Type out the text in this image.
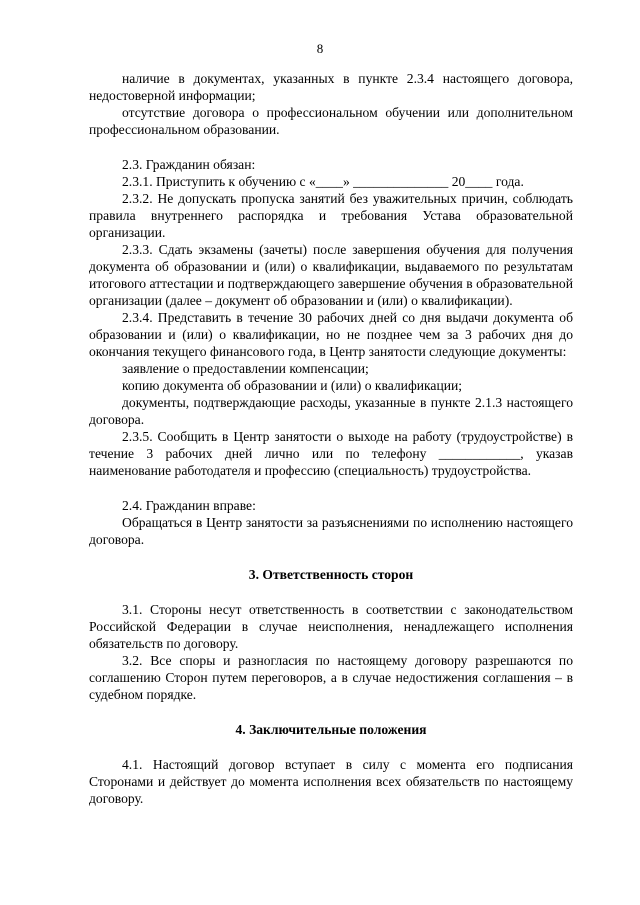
8

наличие в документах, указанных в пункте 2.3.4 настоящего договора, недостоверной информации;

отсутствие договора о профессиональном обучении или дополнительном профессиональном образовании.

2.3. Гражданин обязан:

2.3.1. Приступить к обучению с «____» ______________ 20____ года.

2.3.2. Не допускать пропуска занятий без уважительных причин, соблюдать правила внутреннего распорядка и требования Устава образовательной организации.

2.3.3. Сдать экзамены (зачеты) после завершения обучения для получения документа об образовании и (или) о квалификации, выдаваемого по результатам итогового аттестации и подтверждающего завершение обучения в образовательной организации (далее – документ об образовании и (или) о квалификации).

2.3.4. Представить в течение 30 рабочих дней со дня выдачи документа об образовании и (или) о квалификации, но не позднее чем за 3 рабочих дня до окончания текущего финансового года, в Центр занятости следующие документы:

заявление о предоставлении компенсации;

копию документа об образовании и (или) о квалификации;

документы, подтверждающие расходы, указанные в пункте 2.1.3 настоящего договора.

2.3.5. Сообщить в Центр занятости о выходе на работу (трудоустройстве) в течение 3 рабочих дней лично или по телефону ____________, указав наименование работодателя и профессию (специальность) трудоустройства.

2.4. Гражданин вправе:

Обращаться в Центр занятости за разъяснениями по исполнению настоящего договора.

3. Ответственность сторон

3.1. Стороны несут ответственность в соответствии с законодательством Российской Федерации в случае неисполнения, ненадлежащего исполнения обязательств по договору.

3.2. Все споры и разногласия по настоящему договору разрешаются по соглашению Сторон путем переговоров, а в случае недостижения соглашения – в судебном порядке.

4. Заключительные положения

4.1. Настоящий договор вступает в силу с момента его подписания Сторонами и действует до момента исполнения всех обязательств по настоящему договору.
